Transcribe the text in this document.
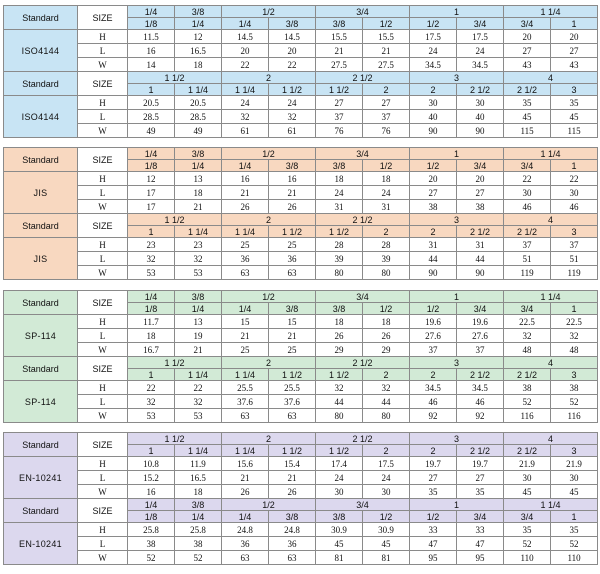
Standard	SIZE	1/4	3/8	1/2		3/4		1		1 1/4	
		1/8	1/4	1/4	3/8	3/8	1/2	1/2	3/4	3/4	1
ISO4144	H	11.5	12	14.5	14.5	15.5	15.5	17.5	17.5	20	20
	L	16	16.5	20	20	21	21	24	24	27	27
	W	14	18	22	22	27.5	27.5	34.5	34.5	43	43
Standard	SIZE	1 1/2		2		2 1/2		3		4	
		1	1 1/4	1 1/4	1 1/2	1 1/2	2	2	2 1/2	2 1/2	3
ISO4144	H	20.5	20.5	24	24	27	27	30	30	35	35
	L	28.5	28.5	32	32	37	37	40	40	45	45
	W	49	49	61	61	76	76	90	90	115	115
Standard	SIZE	1/4	3/8	1/2		3/4		1		1 1/4	
		1/8	1/4	1/4	3/8	3/8	1/2	1/2	3/4	3/4	1
JIS	H	12	13	16	16	18	18	20	20	22	22
	L	17	18	21	21	24	24	27	27	30	30
	W	17	21	26	26	31	31	38	38	46	46
Standard	SIZE	1 1/2		2		2 1/2		3		4	
		1	1 1/4	1 1/4	1 1/2	1 1/2	2	2	2 1/2	2 1/2	3
JIS	H	23	23	25	25	28	28	31	31	37	37
	L	32	32	36	36	39	39	44	44	51	51
	W	53	53	63	63	80	80	90	90	119	119
Standard	SIZE	1/4	3/8	1/2		3/4		1		1 1/4	
		1/8	1/4	1/4	3/8	3/8	1/2	1/2	3/4	3/4	1
SP-114	H	11.7	13	15	15	18	18	19.6	19.6	22.5	22.5
	L	18	19	21	21	26	26	27.6	27.6	32	32
	W	16.7	21	25	25	29	29	37	37	48	48
Standard	SIZE	1 1/2		2		2 1/2		3		4	
		1	1 1/4	1 1/4	1 1/2	1 1/2	2	2	2 1/2	2 1/2	3
SP-114	H	22	22	25.5	25.5	32	32	34.5	34.5	38	38
	L	32	32	37.6	37.6	44	44	46	46	52	52
	W	53	53	63	63	80	80	92	92	116	116
Standard	SIZE	1 1/2		2		2 1/2		3		4	
		1	1 1/4	1 1/4	1 1/2	1 1/2	2	2	2 1/2	2 1/2	3
EN-10241	H	10.8	11.9	15.6	15.4	17.4	17.5	19.7	19.7	21.9	21.9
	L	15.2	16.5	21	21	24	24	27	27	30	30
	W	16	18	26	26	30	30	35	35	45	45
Standard	SIZE	1/4	3/8	1/2		3/4		1		1 1/4	
		1/8	1/4	1/4	3/8	3/8	1/2	1/2	3/4	3/4	1
EN-10241	H	25.8	25.8	24.8	24.8	30.9	30.9	33	33	35	35
	L	38	38	36	36	45	45	47	47	52	52
	W	52	52	63	63	81	81	95	95	110	110
